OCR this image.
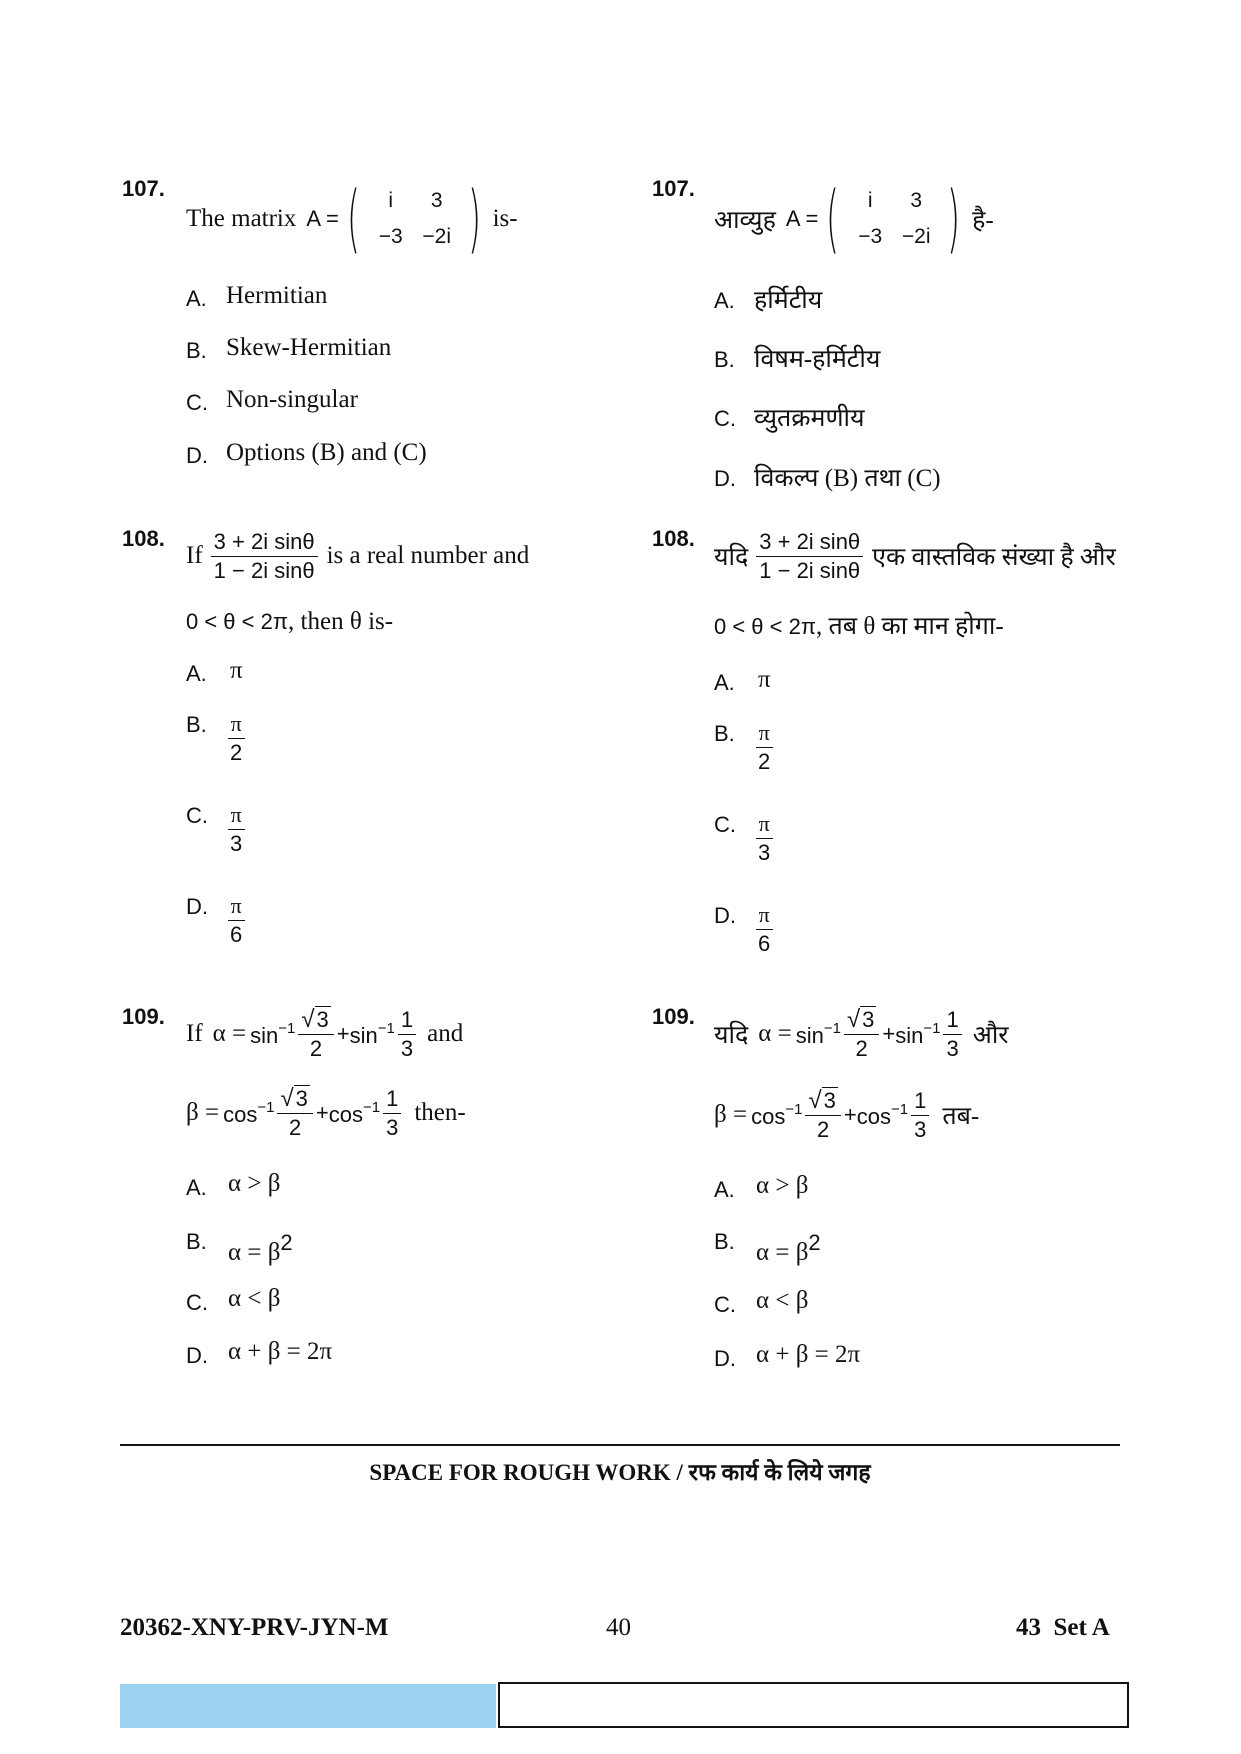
107.
The matrix A = (	i	3
−3 −2i ) is-
A. Hermitian
B. Skew-Hermitian
C. Non-singular
D. Options (B) and (C)
107.
आव्युह A = (	i	3
−3 −2i ) है-
A. हर्मिटीय
B. विषम-हर्मिटीय
C. व्युतक्रमणीय
D. विकल्प (B) तथा (C)
108.
If $\frac{\text{3 + 2i sinθ}}{\text{1 − 2i sinθ}}$ is a real number and
0 < θ < 2π, then θ is-
A. π
B. $\frac{\pi}{2}$
C. $\frac{\pi}{3}$
D. $\frac{\pi}{6}$
108.
यदि $\frac{\text{3 + 2i sinθ}}{\text{1 − 2i sinθ}}$ एक वास्तविक संख्या है और
0 < θ < 2π, तब θ का मान होगा-
A. π
B. $\frac{\pi}{2}$
C. $\frac{\pi}{3}$
D. $\frac{\pi}{6}$
109.
If $\alpha = \sin^{-1} \frac{√ 3}{2} + \sin^{-1} \frac{1}{3}$ and
$\beta = \cos^{-1} \frac{√ 3}{2} + \cos^{-1} \frac{1}{3}$ then-
A. α > β
B. $\alpha = \beta^2$
C. α < β
D. α + β = 2π
109.
यदि $\alpha = \sin^{-1} \frac{√ 3}{2} + \sin^{-1} \frac{1}{3}$ और
$\beta = \cos^{-1} \frac{√ 3}{2} + \cos^{-1} \frac{1}{3}$ तब-
A. α > β
B. $\alpha = \beta^2$
C. α < β
D. α + β = 2π
SPACE FOR ROUGH WORK / रफ कार्य के लिये जगह
20362-XNY-PRV-JYN-M	40	43 Set A
